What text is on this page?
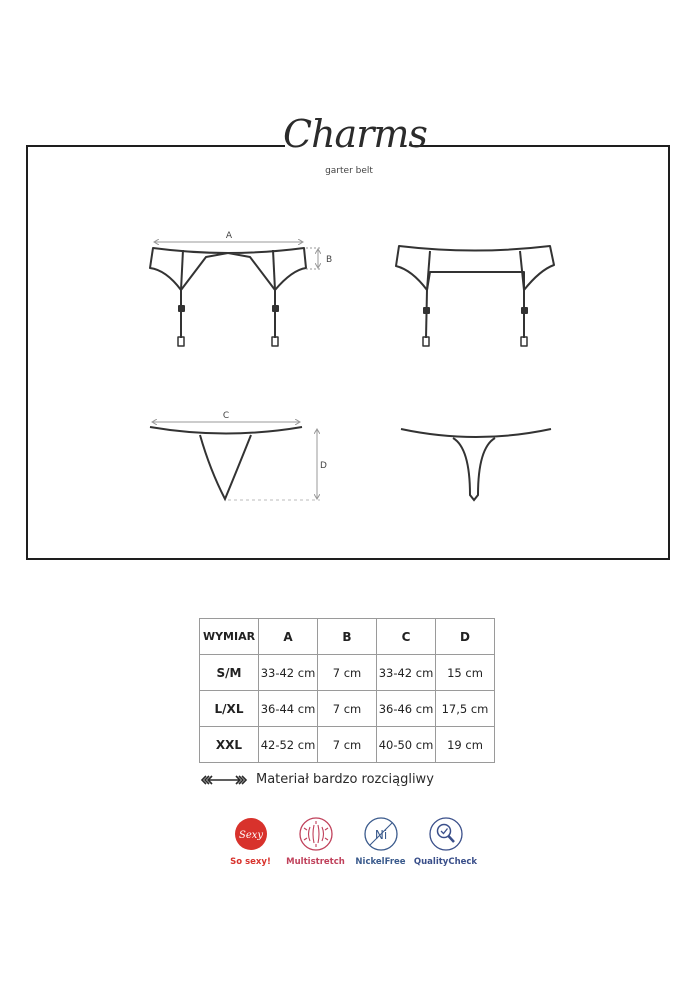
Charms
garter belt
A
B
C
D
WYMIAR	A	B	C	D
S/M	33-42 cm	7 cm	33-42 cm	15 cm
L/XL	36-44 cm	7 cm	36-46 cm	17,5 cm
XXL	42-52 cm	7 cm	40-50 cm	19 cm
Materiał bardzo rozciągliwy
Sexy
So sexy! Multistretch
Ni
NickelFree QualityCheck
